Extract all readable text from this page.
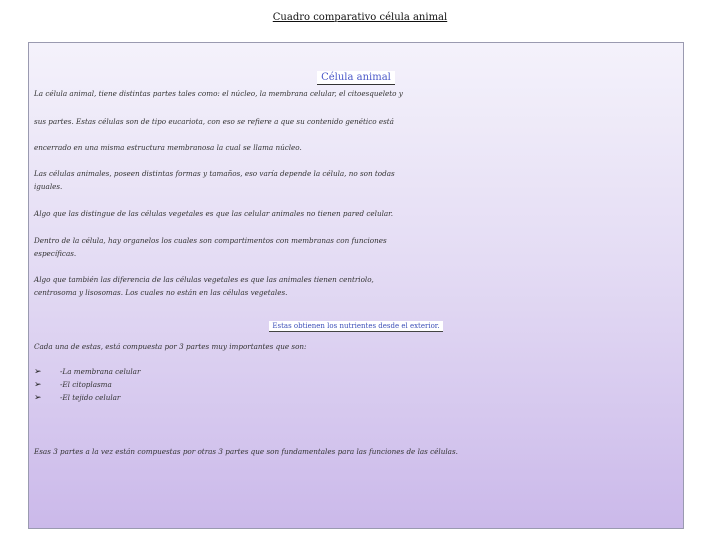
Cuadro comparativo célula animal
Célula animal
La célula animal, tiene distintas partes tales como: el núcleo, la membrana celular, el citoesqueleto y
sus partes. Estas células son de tipo eucariota, con eso se refiere a que su contenido genético está
encerrado en una misma estructura membranosa la cual se llama núcleo.
Las células animales, poseen distintas formas y tamaños, eso varía depende la célula, no son todas
iguales.
Algo que las distingue de las células vegetales es que las celular animales no tienen pared celular.
Dentro de la célula, hay organelos los cuales son compartimentos con membranas con funciones
específicas.
Algo que también las diferencia de las células vegetales es que las animales tienen centriolo,
centrosoma y lisosomas. Los cuales no están en las células vegetales.
Estas obtienen los nutrientes desde el exterior.
Cada una de estas, está compuesta por 3 partes muy importantes que son:
➢	-La membrana celular
➢	-El citoplasma
➢	-El tejido celular
Esas 3 partes a la vez están compuestas por otras 3 partes que son fundamentales para las funciones de las células.
